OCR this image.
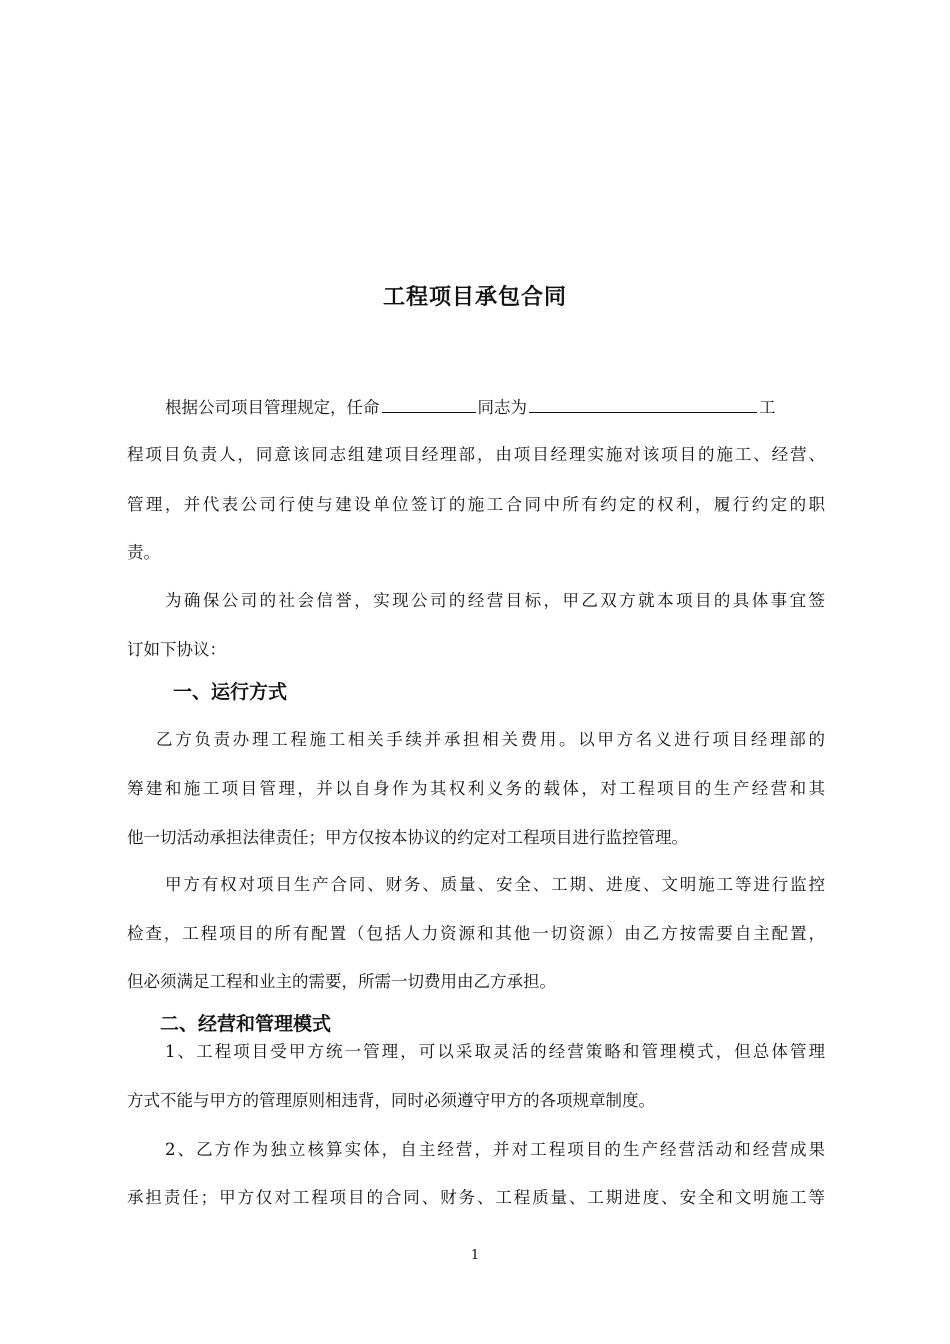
工程项目承包合同
根据公司项目管理规定，任命	同志为	工
程项目负责人，同意该同志组建项目经理部，由项目经理实施对该项目的施工、经营、
管理，并代表公司行使与建设单位签订的施工合同中所有约定的权利，履行约定的职
责。
为确保公司的社会信誉，实现公司的经营目标，甲乙双方就本项目的具体事宜签
订如下协议：
一、运行方式
乙方负责办理工程施工相关手续并承担相关费用。以甲方名义进行项目经理部的
筹建和施工项目管理，并以自身作为其权利义务的载体，对工程项目的生产经营和其
他一切活动承担法律责任；甲方仅按本协议的约定对工程项目进行监控管理。
甲方有权对项目生产合同、财务、质量、安全、工期、进度、文明施工等进行监控
检查，工程项目的所有配置（包括人力资源和其他一切资源）由乙方按需要自主配置，
但必须满足工程和业主的需要，所需一切费用由乙方承担。
二、经营和管理模式
1、工程项目受甲方统一管理，可以采取灵活的经营策略和管理模式，但总体管理
方式不能与甲方的管理原则相违背，同时必须遵守甲方的各项规章制度。
2、乙方作为独立核算实体，自主经营，并对工程项目的生产经营活动和经营成果
承担责任；甲方仅对工程项目的合同、财务、工程质量、工期进度、安全和文明施工等
1
